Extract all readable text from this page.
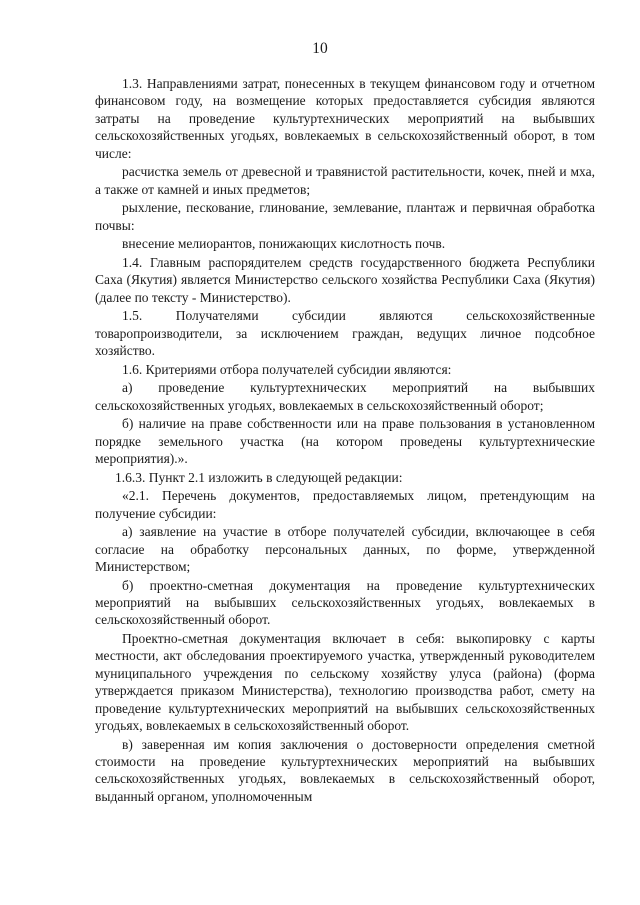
10

1.3. Направлениями затрат, понесенных в текущем финансовом году и отчетном финансовом году, на возмещение которых предоставляется субсидия являются затраты на проведение культуртехнических мероприятий на выбывших сельскохозяйственных угодьях, вовлекаемых в сельскохозяйственный оборот, в том числе:

расчистка земель от древесной и травянистой растительности, кочек, пней и мха, а также от камней и иных предметов;

рыхление, пескование, глинование, землевание, плантаж и первичная обработка почвы:

внесение мелиорантов, понижающих кислотность почв.

1.4. Главным распорядителем средств государственного бюджета Республики Саха (Якутия) является Министерство сельского хозяйства Республики Саха (Якутия) (далее по тексту - Министерство).

1.5. Получателями субсидии являются сельскохозяйственные товаропроизводители, за исключением граждан, ведущих личное подсобное хозяйство.

1.6. Критериями отбора получателей субсидии являются:

а) проведение культуртехнических мероприятий на выбывших сельскохозяйственных угодьях, вовлекаемых в сельскохозяйственный оборот;

б) наличие на праве собственности или на праве пользования в установленном порядке земельного участка (на котором проведены культуртехнические мероприятия).».

1.6.3. Пункт 2.1 изложить в следующей редакции:

«2.1. Перечень документов, предоставляемых лицом, претендующим на получение субсидии:

а) заявление на участие в отборе получателей субсидии, включающее в себя согласие на обработку персональных данных, по форме, утвержденной Министерством;

б) проектно-сметная документация на проведение культуртехнических мероприятий на выбывших сельскохозяйственных угодьях, вовлекаемых в сельскохозяйственный оборот.

Проектно-сметная документация включает в себя: выкопировку с карты местности, акт обследования проектируемого участка, утвержденный руководителем муниципального учреждения по сельскому хозяйству улуса (района) (форма утверждается приказом Министерства), технологию производства работ, смету на проведение культуртехнических мероприятий на выбывших сельскохозяйственных угодьях, вовлекаемых в сельскохозяйственный оборот.

в) заверенная им копия заключения о достоверности определения сметной стоимости на проведение культуртехнических мероприятий на выбывших сельскохозяйственных угодьях, вовлекаемых в сельскохозяйственный оборот, выданный органом, уполномоченным
